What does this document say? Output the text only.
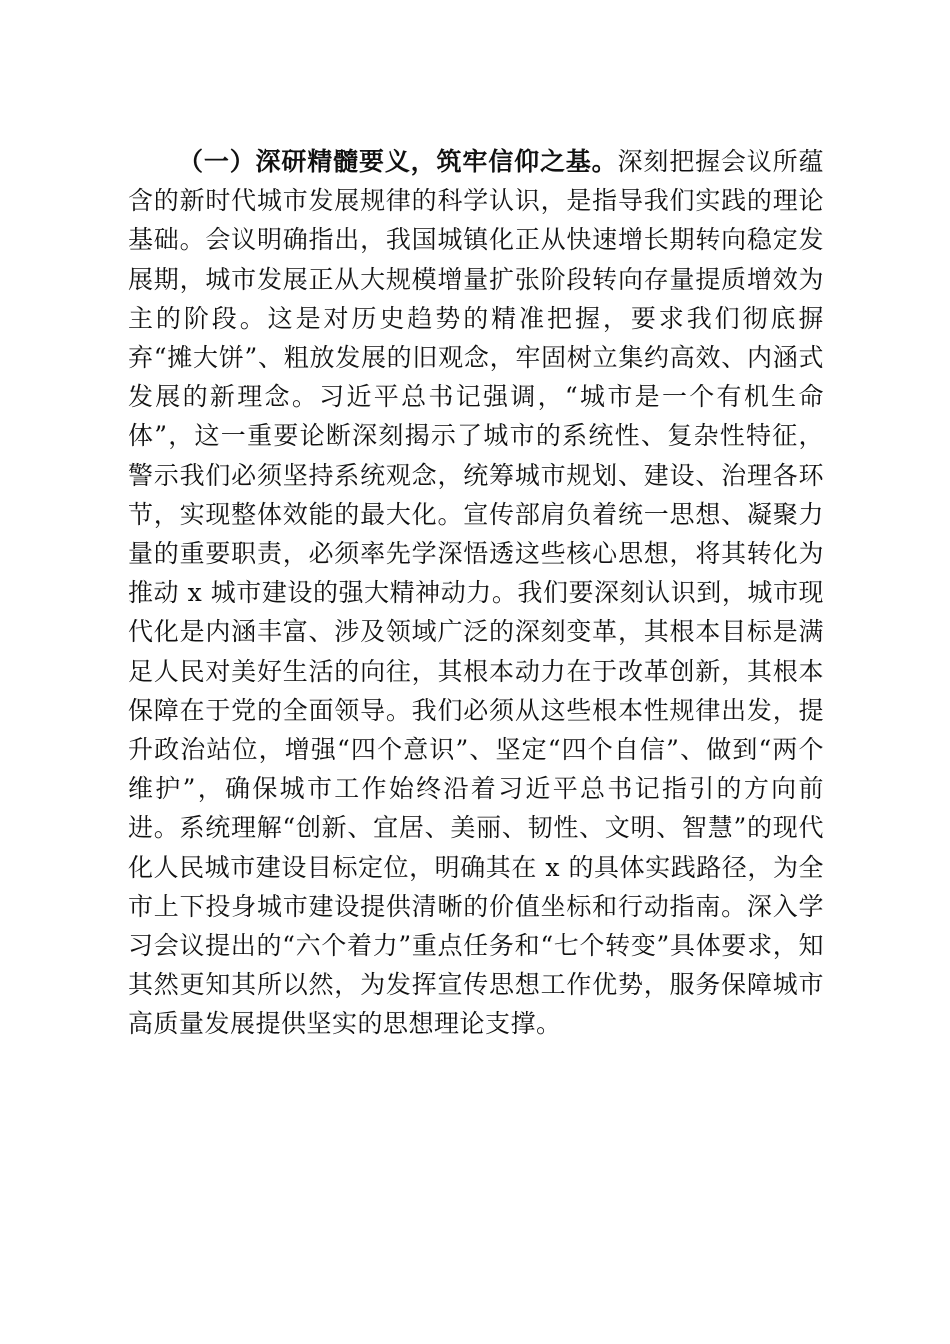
（一）深研精髓要义，筑牢信仰之基。深刻把握会议所蕴含的新时代城市发展规律的科学认识，是指导我们实践的理论基础。会议明确指出，我国城镇化正从快速增长期转向稳定发展期，城市发展正从大规模增量扩张阶段转向存量提质增效为主的阶段。这是对历史趋势的精准把握，要求我们彻底摒弃“摊大饼”、粗放发展的旧观念，牢固树立集约高效、内涵式发展的新理念。习近平总书记强调，“城市是一个有机生命体”，这一重要论断深刻揭示了城市的系统性、复杂性特征，警示我们必须坚持系统观念，统筹城市规划、建设、治理各环节，实现整体效能的最大化。宣传部肩负着统一思想、凝聚力量的重要职责，必须率先学深悟透这些核心思想，将其转化为推动 x 城市建设的强大精神动力。我们要深刻认识到，城市现代化是内涵丰富、涉及领域广泛的深刻变革，其根本目标是满足人民对美好生活的向往，其根本动力在于改革创新，其根本保障在于党的全面领导。我们必须从这些根本性规律出发，提升政治站位，增强“四个意识”、坚定“四个自信”、做到“两个维护”，确保城市工作始终沿着习近平总书记指引的方向前进。系统理解“创新、宜居、美丽、韧性、文明、智慧”的现代化人民城市建设目标定位，明确其在 x 的具体实践路径，为全市上下投身城市建设提供清晰的价值坐标和行动指南。深入学习会议提出的“六个着力”重点任务和“七个转变”具体要求，知其然更知其所以然，为发挥宣传思想工作优势，服务保障城市高质量发展提供坚实的思想理论支撑。
